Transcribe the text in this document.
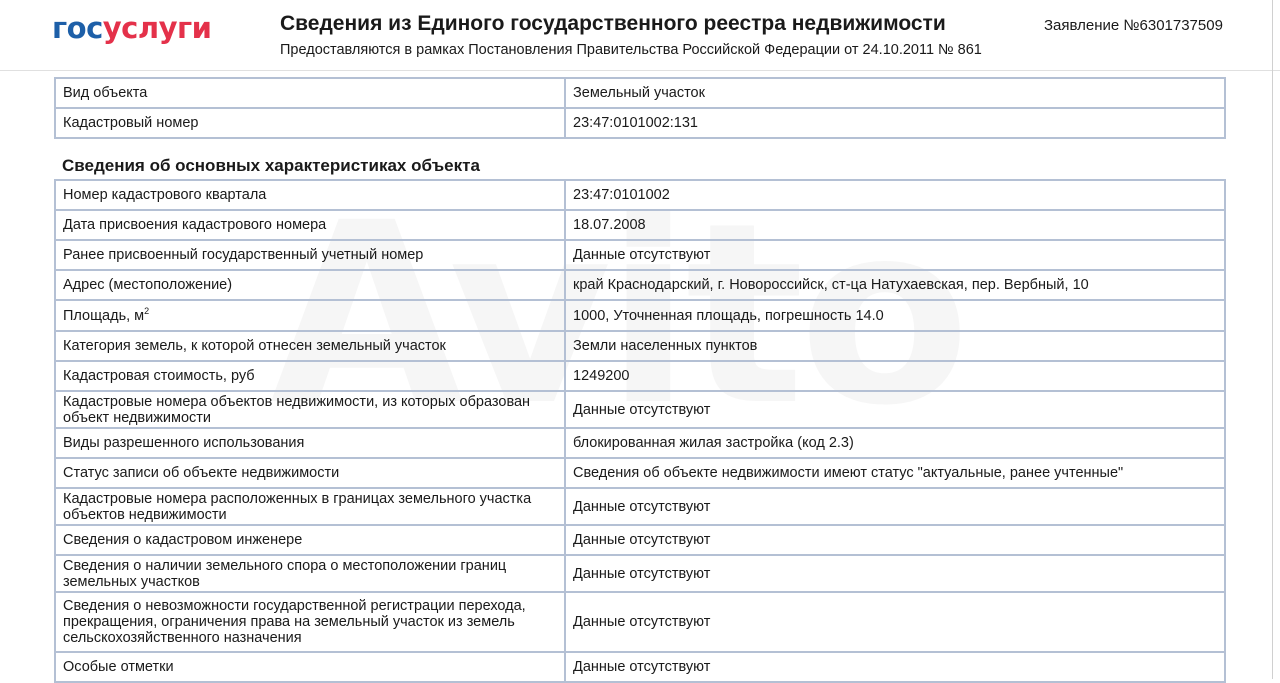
госуслуги	Сведения из Единого государственного реестра недвижимости
Предоставляются в рамках Постановления Правительства Российской Федерации от 24.10.2011 № 861
Заявление №6301737509
Вид объекта	Земельный участок
Кадастровый номер	23:47:0101002:131
Сведения об основных характеристиках объекта
Номер кадастрового квартала	23:47:0101002
Дата присвоения кадастрового номера	18.07.2008
Ранее присвоенный государственный учетный номер	Данные отсутствуют
Адрес (местоположение)	край Краснодарский, г. Новороссийск, ст-ца Натухаевская, пер. Вербный, 10
Площадь, $м^2$	1000, Уточненная площадь, погрешность 14.0
Категория земель, к которой отнесен земельный участок	Земли населенных пунктов
Кадастровая стоимость, руб	1249200
Кадастровые номера объектов недвижимости, из которых образован объект недвижимости	Данные отсутствуют
Виды разрешенного использования	блокированная жилая застройка (код 2.3)
Статус записи об объекте недвижимости	Сведения об объекте недвижимости имеют статус "актуальные, ранее учтенные"
Кадастровые номера расположенных в границах земельного участка объектов недвижимости	Данные отсутствуют
Сведения о кадастровом инженере	Данные отсутствуют
Сведения о наличии земельного спора о местоположении границ земельных участков	Данные отсутствуют
Сведения о невозможности государственной регистрации перехода, прекращения, ограничения права на земельный участок из земель сельскохозяйственного назначения	Данные отсутствуют
Особые отметки	Данные отсутствуют
